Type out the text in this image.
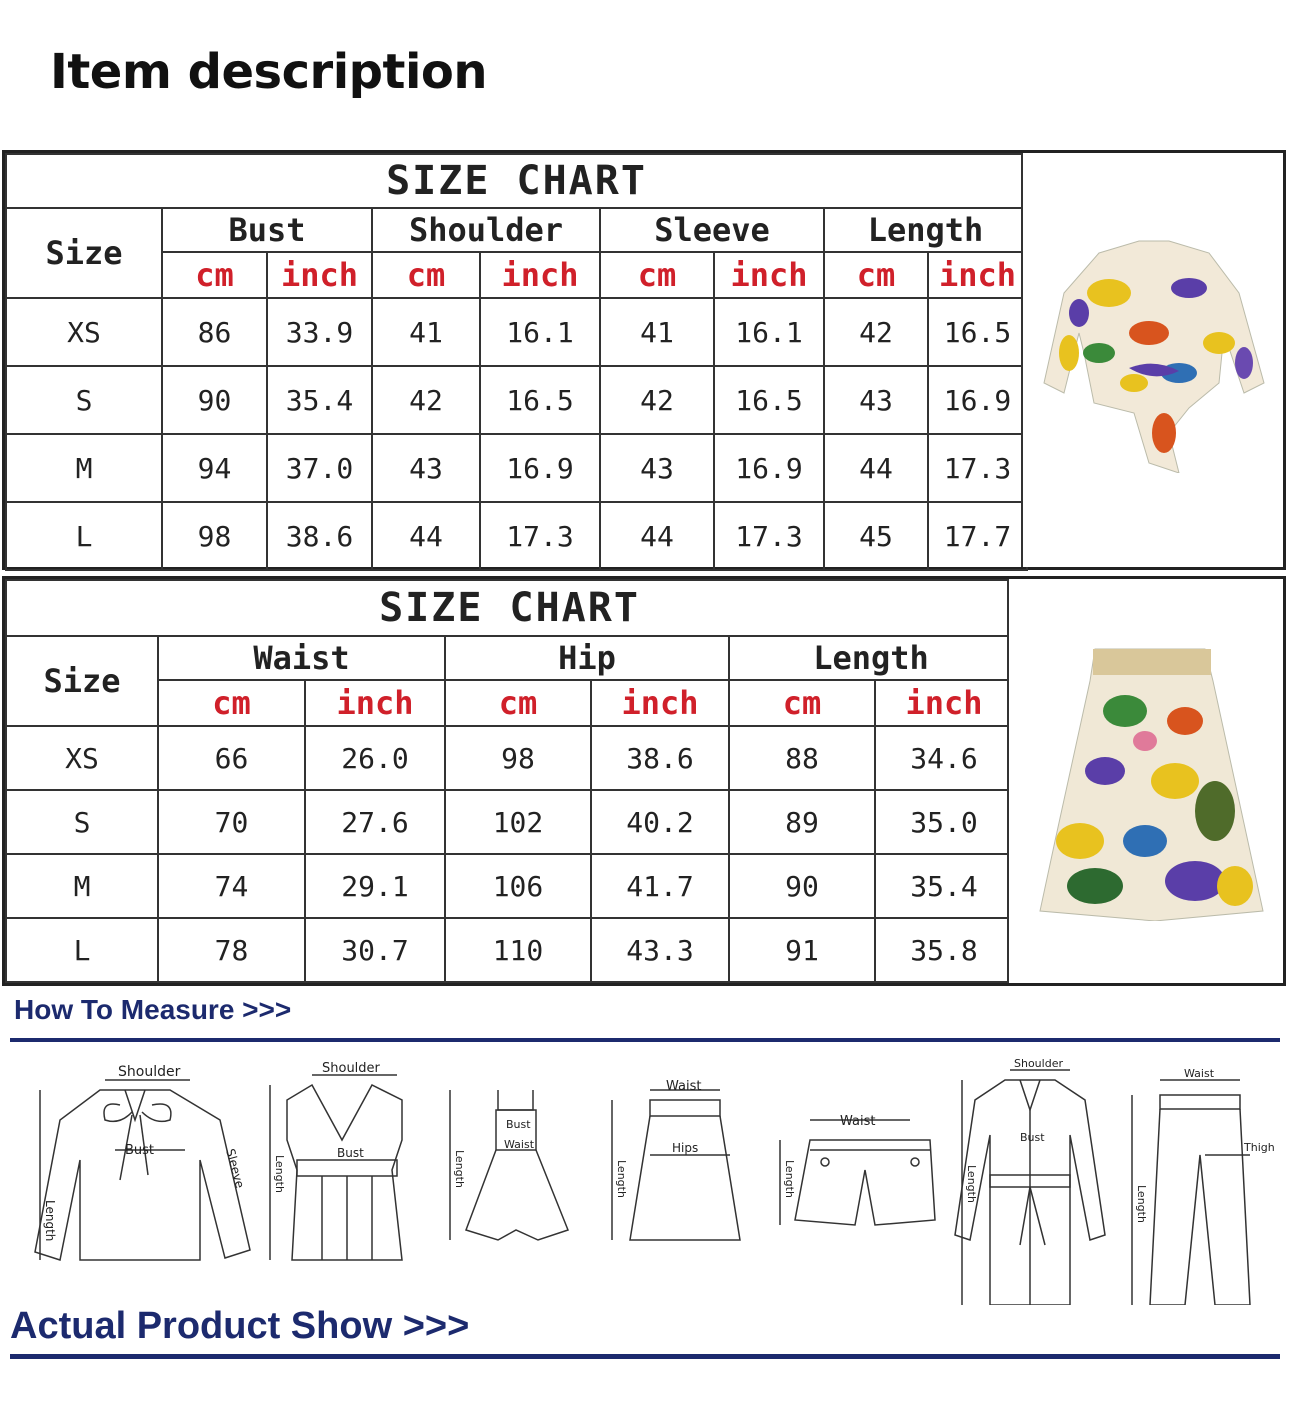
Item description
SIZE CHART								
Size	Bust		Shoulder		Sleeve		Length	
	cm	inch	cm	inch	cm	inch	cm	inch
XS	86	33.9	41	16.1	41	16.1	42	16.5
S	90	35.4	42	16.5	42	16.5	43	16.9
M	94	37.0	43	16.9	43	16.9	44	17.3
L	98	38.6	44	17.3	44	17.3	45	17.7
SIZE CHART						
Size	Waist		Hip		Length	
	cm	inch	cm	inch	cm	inch
XS	66	26.0	98	38.6	88	34.6
S	70	27.6	102	40.2	89	35.0
M	74	29.1	106	41.7	90	35.4
L	78	30.7	110	43.3	91	35.8
How To Measure >>>
Shoulder
Bust
Length
Sleeve
Shoulder
Bust
Length
Bust
Waist
Length
Waist
Hips
Length
Waist
Length
Shoulder
Bust
Length
Waist
Thigh
Length
Actual Product Show >>>
